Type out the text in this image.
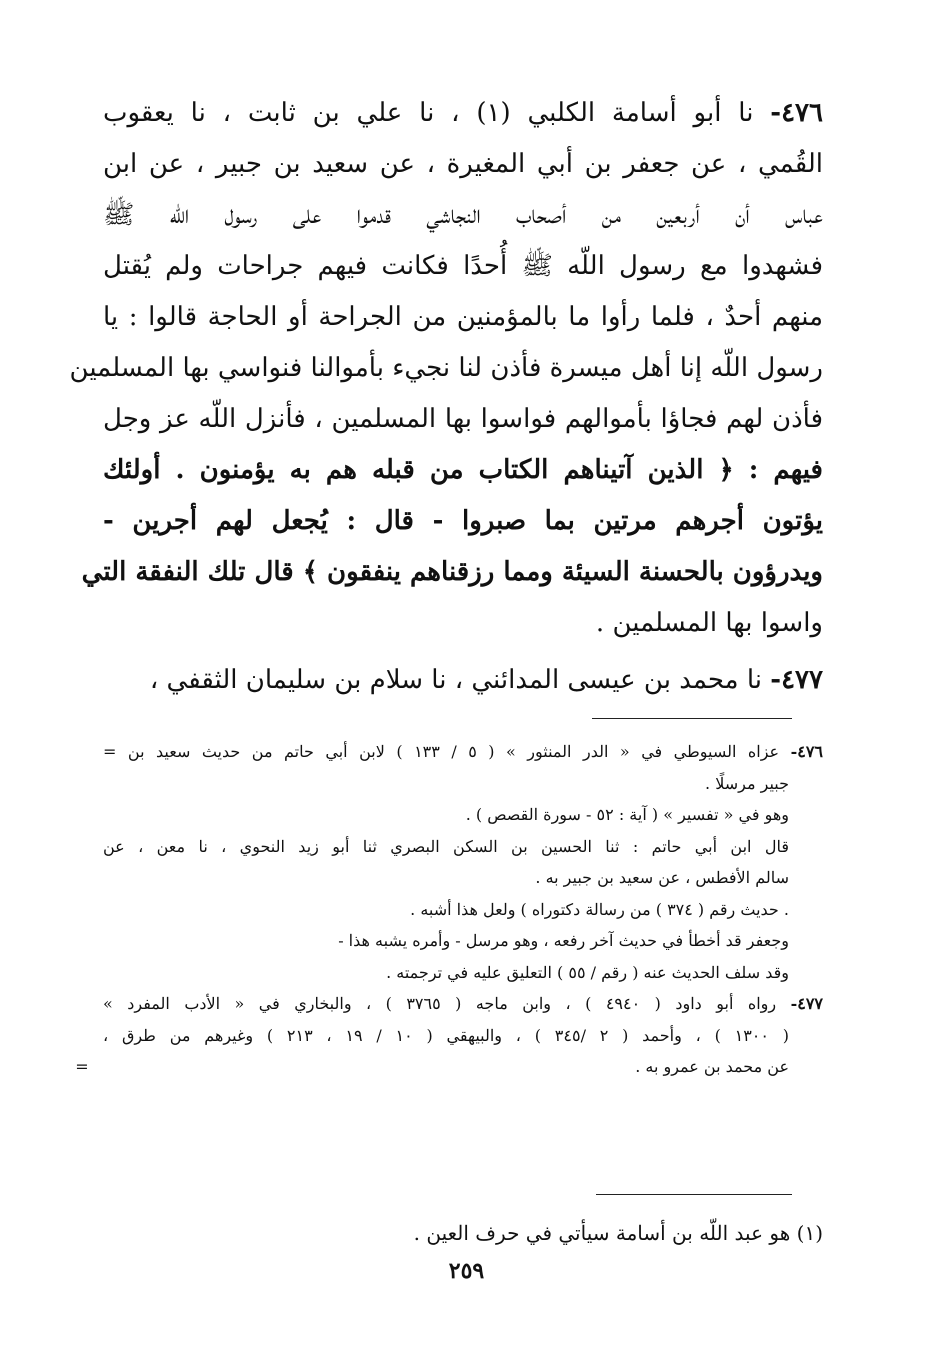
٤٧٦- نا أبو أسامة الكلبي (١) ، نا علي بن ثابت ، نا يعقوب
القُمي ، عن جعفر بن أبي المغيرة ، عن سعيد بن جبير ، عن ابن
عباس أن أربعين من أصحاب النجاشي قدموا على رسول اللّه ﷺ
فشهدوا مع رسول اللّه ﷺ أُحدًا فكانت فيهم جراحات ولم يُقتل
منهم أحدٌ ، فلما رأوا ما بالمؤمنين من الجراحة أو الحاجة قالوا : يا
رسول اللّه إنا أهل ميسرة فأذن لنا نجيء بأموالنا فنواسي بها المسلمين
فأذن لهم فجاؤا بأموالهم فواسوا بها المسلمين ، فأنزل اللّه عز وجل
فيهم : ﴿ الذين آتيناهم الكتاب من قبله هم به يؤمنون . أولئك
يؤتون أجرهم مرتين بما صبروا - قال : يُجعل لهم أجرين -
ويدرؤون بالحسنة السيئة ومما رزقناهم ينفقون ﴾ قال تلك النفقة التي
واسوا بها المسلمين .
٤٧٧- نا محمد بن عيسى المدائني ، نا سلام بن سليمان الثقفي ،
٤٧٦- عزاه السيوطي في « الدر المنثور » ( ٥ / ١٣٣ ) لابن أبي حاتم من حديث سعيد بن =
جبير مرسلًا .
وهو في « تفسير » ( آية : ٥٢ - سورة القصص ) .
قال ابن أبي حاتم : ثنا الحسين بن السكن البصري ثنا أبو زيد النحوي ، نا معن ، عن
سالم الأفطس ، عن سعيد بن جبير به .
. حديث رقم ( ٣٧٤ ) من رسالة دكتوراه ) ولعل هذا أشبه .
وجعفر قد أخطأ في حديث آخر رفعه ، وهو مرسل - وأمره يشبه هذا -
وقد سلف الحديث عنه ( رقم / ٥٥ ) التعليق عليه في ترجمته .
٤٧٧- رواه أبو داود ( ٤٩٤٠ ) ، وابن ماجه ( ٣٧٦٥ ) ، والبخاري في « الأدب المفرد »
( ١٣٠٠ ) ، وأحمد ( ٢ /٣٤٥ ) ، والبيهقي ( ١٠ / ١٩ ، ٢١٣ ) وغيرهم من طرق ،
عن محمد بن عمرو به .=
(١) هو عبد اللّه بن أسامة سيأتي في حرف العين .
٢٥٩
